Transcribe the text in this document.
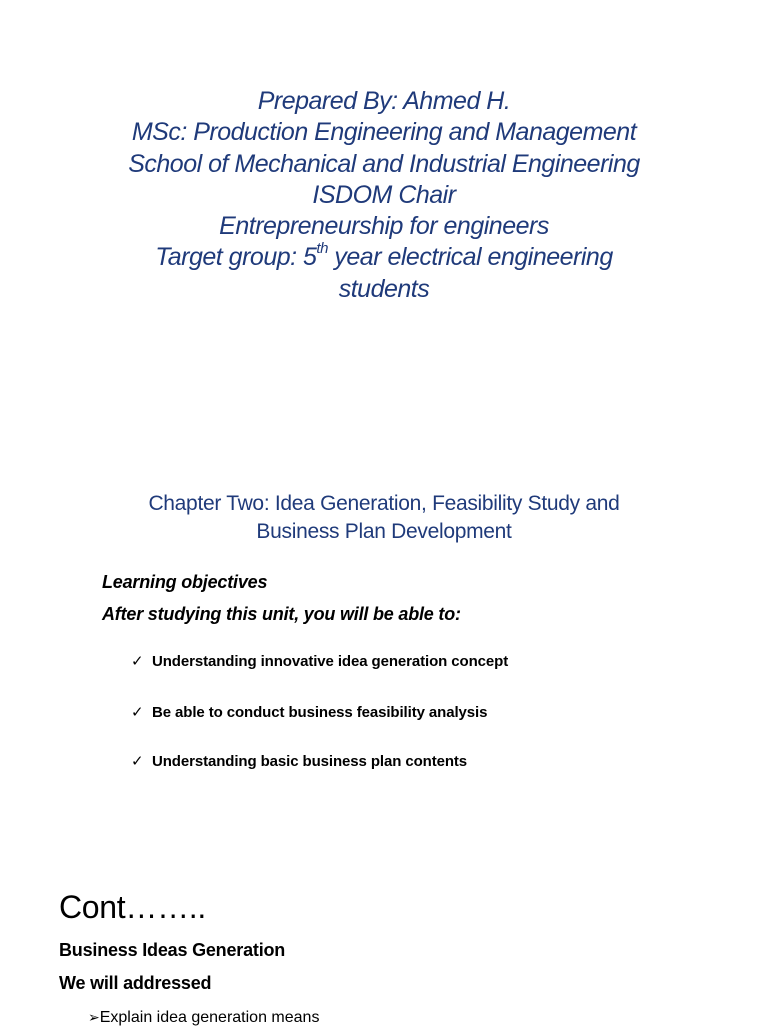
Prepared By: Ahmed H.
MSc: Production Engineering and Management
School of Mechanical and Industrial Engineering
ISDOM Chair
Entrepreneurship for engineers
Target group: 5th year electrical engineering
students
Chapter Two: Idea Generation, Feasibility Study and
Business Plan Development
Learning objectives
After studying this unit, you will be able to:
✓ Understanding innovative idea generation concept
✓ Be able to conduct business feasibility analysis
✓ Understanding basic business plan contents
Cont……..
Business Ideas Generation
We will addressed
➢Explain idea generation means
